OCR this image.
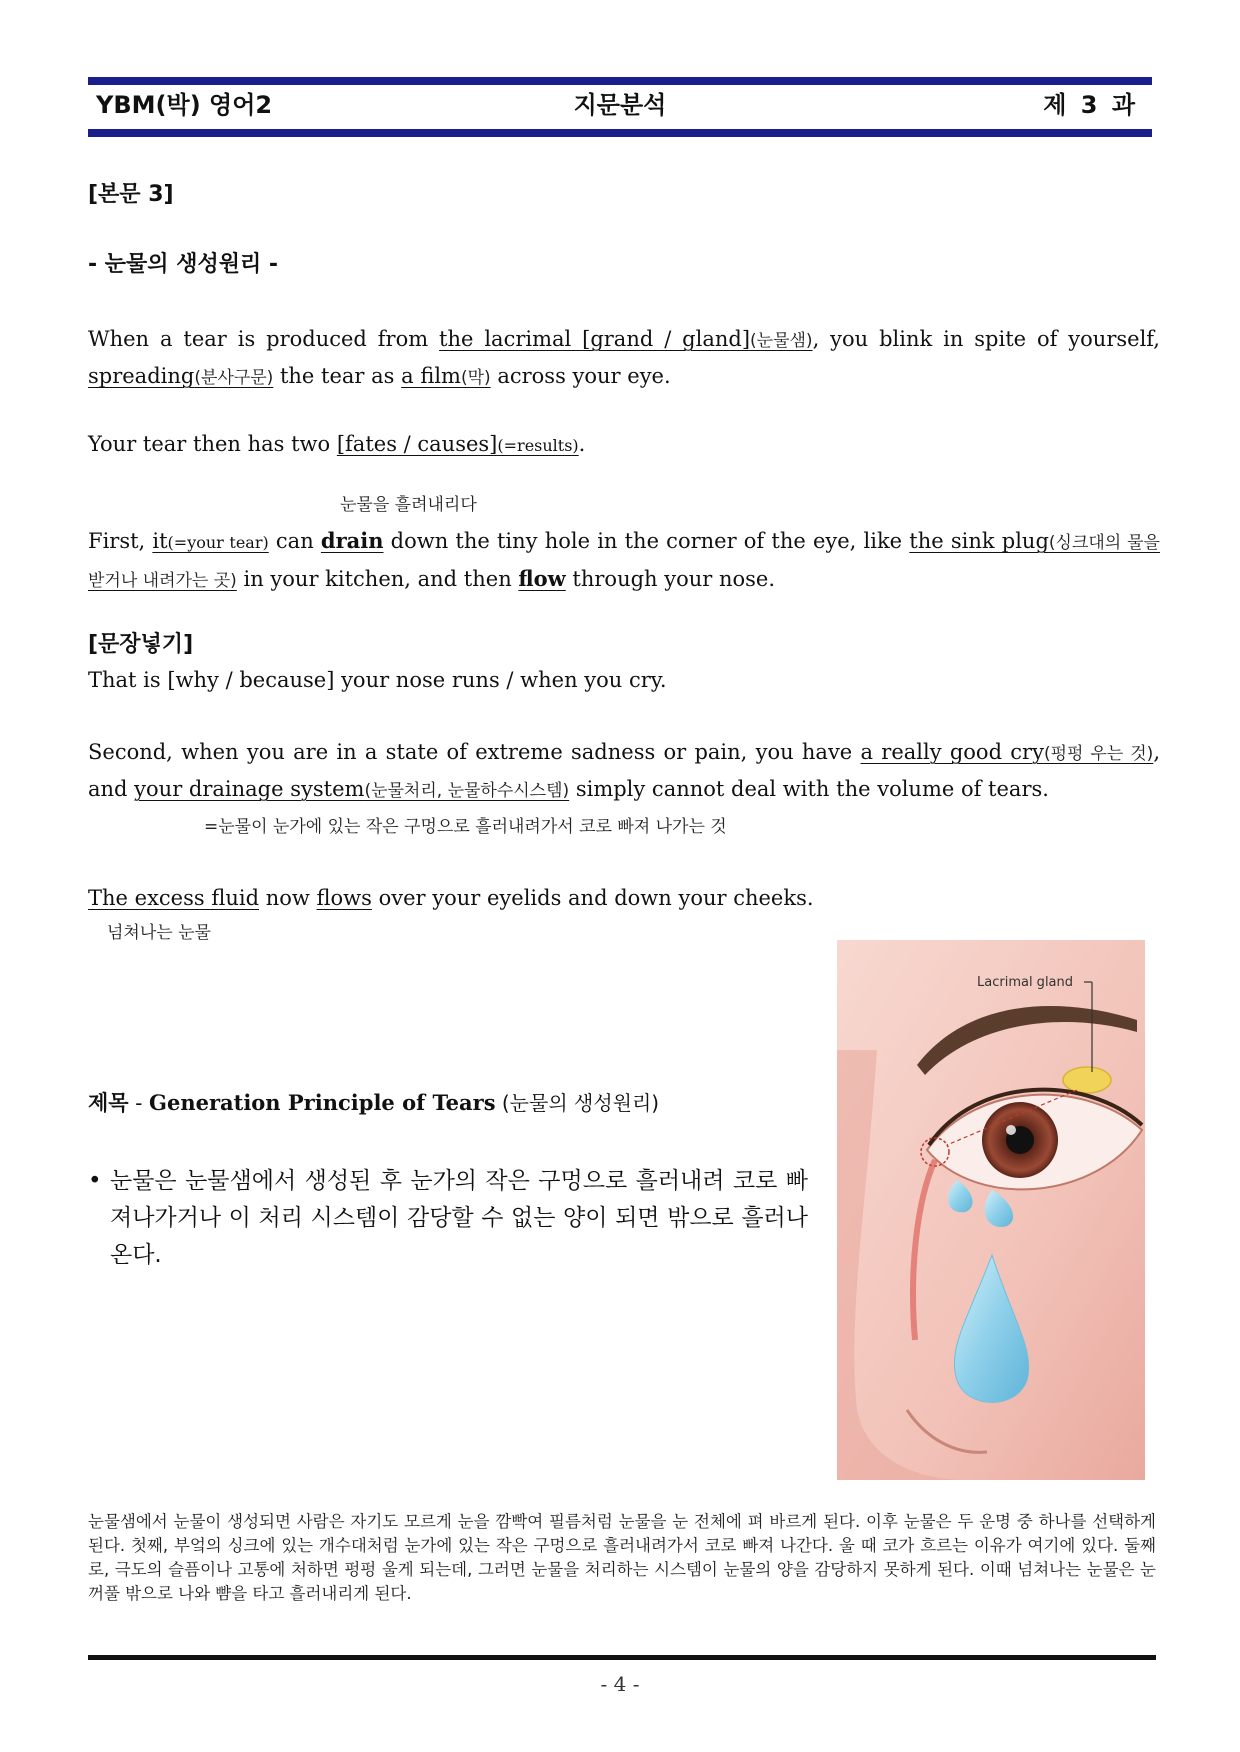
YBM(박) 영어2	지문분석	제 3 과
[본문 3]
- 눈물의 생성원리 -
When a tear is produced from the lacrimal [grand / gland](눈물샘), you blink in spite of yourself, spreading(분사구문) the tear as a film(막) across your eye.
Your tear then has two [fates / causes](=results).
눈물을 흘려내리다
First, it(=your tear) can drain down the tiny hole in the corner of the eye, like the sink plug(싱크대의 물을 받거나 내려가는 곳) in your kitchen, and then flow through your nose.
[문장넣기]
That is [why / because] your nose runs / when you cry.
Second, when you are in a state of extreme sadness or pain, you have a really good cry(펑펑 우는 것), and your drainage system(눈물처리, 눈물하수시스템) simply cannot deal with the volume of tears.
=눈물이 눈가에 있는 작은 구멍으로 흘러내려가서 코로 빠져 나가는 것
The excess fluid now flows over your eyelids and down your cheeks.
넘쳐나는 눈물
제목 - Generation Principle of Tears (눈물의 생성원리)
• 눈물은 눈물샘에서 생성된 후 눈가의 작은 구멍으로 흘러내려 코로 빠져나가거나 이 처리 시스템이 감당할 수 없는 양이 되면 밖으로 흘러나온다.
Lacrimal gland
눈물샘에서 눈물이 생성되면 사람은 자기도 모르게 눈을 깜빡여 필름처럼 눈물을 눈 전체에 펴 바르게 된다. 이후 눈물은 두 운명 중 하나를 선택하게 된다. 첫째, 부엌의 싱크에 있는 개수대처럼 눈가에 있는 작은 구멍으로 흘러내려가서 코로 빠져 나간다. 울 때 코가 흐르는 이유가 여기에 있다. 둘째로, 극도의 슬픔이나 고통에 처하면 펑펑 울게 되는데, 그러면 눈물을 처리하는 시스템이 눈물의 양을 감당하지 못하게 된다. 이때 넘쳐나는 눈물은 눈꺼풀 밖으로 나와 뺨을 타고 흘러내리게 된다.
- 4 -
